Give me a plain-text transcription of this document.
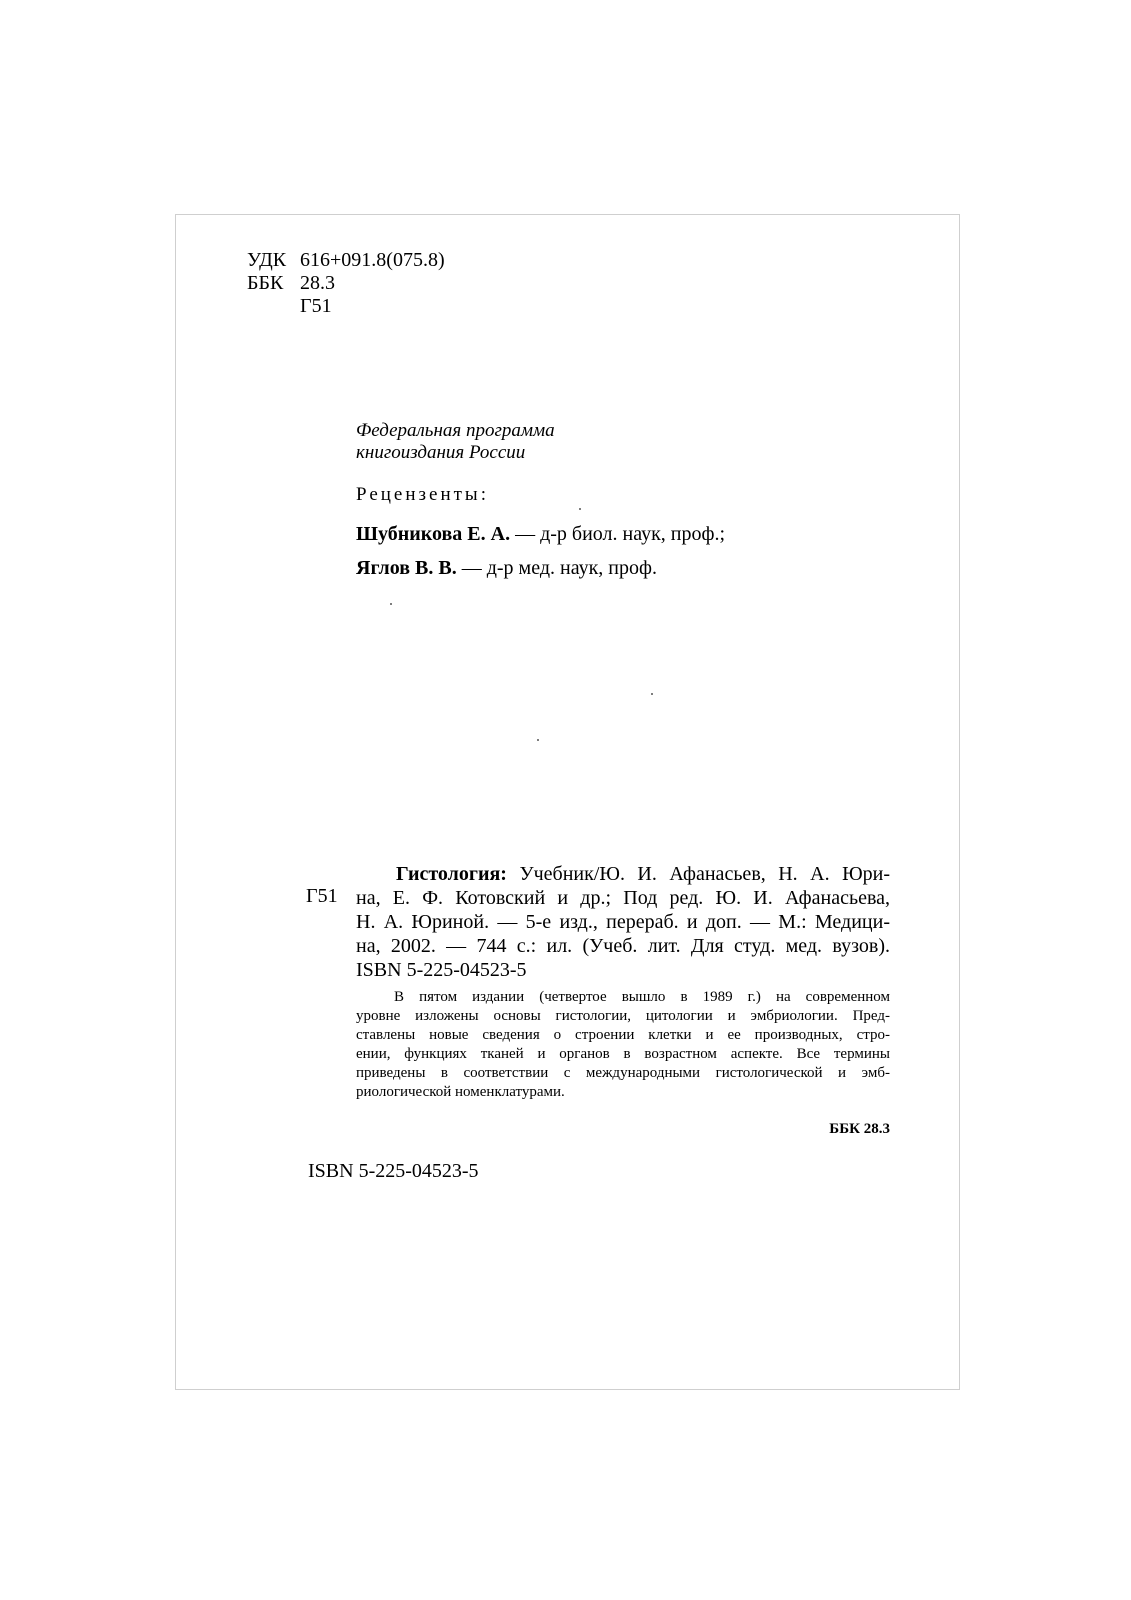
УДК 616+091.8(075.8)
ББК 28.3
Г51
Федеральная программа
книгоиздания России
Рецензенты:
Шубникова Е. А. — д-р биол. наук, проф.;
Яглов В. В. — д-р мед. наук, проф.
Г51
Гистология: Учебник/Ю. И. Афанасьев, Н. А. Юри-
на, Е. Ф. Котовский и др.; Под ред. Ю. И. Афанасьева,
Н. А. Юриной. — 5-е изд., перераб. и доп. — М.: Медици-
на, 2002. — 744 с.: ил. (Учеб. лит. Для студ. мед. вузов).
ISBN 5-225-04523-5
В пятом издании (четвертое вышло в 1989 г.) на современном
уровне изложены основы гистологии, цитологии и эмбриологии. Пред-
ставлены новые сведения о строении клетки и ее производных, стро-
ении, функциях тканей и органов в возрастном аспекте. Все термины
приведены в соответствии с международными гистологической и эмб-
риологической номенклатурами.
ББК 28.3
ISBN 5-225-04523-5
